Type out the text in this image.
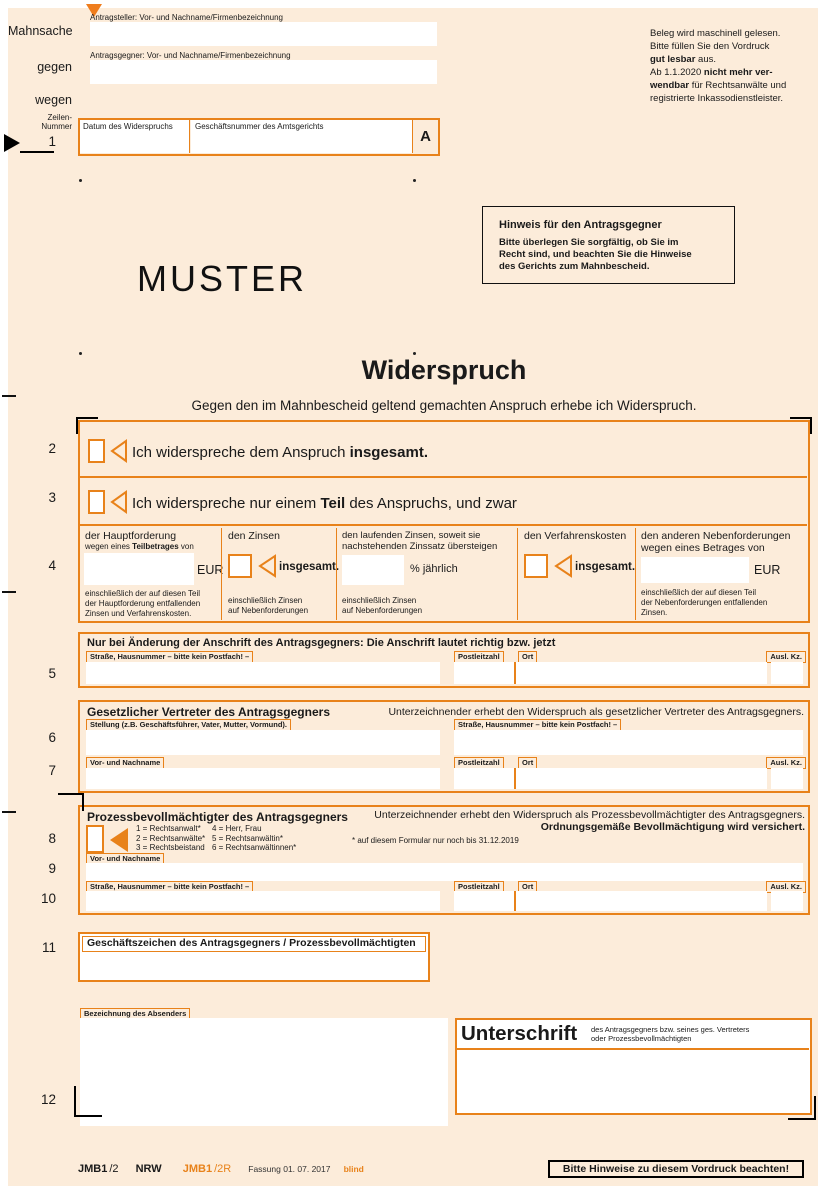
Mahnsache
gegen
wegen
Zeilen-
Nummer
1
Antragsteller: Vor- und Nachname/Firmenbezeichnung
Antragsgegner: Vor- und Nachname/Firmenbezeichnung
Beleg wird maschinell gelesen.
Bitte füllen Sie den Vordruck
gut lesbar aus.
Ab 1.1.2020 nicht mehr ver-
wendbar für Rechtsanwälte und
registrierte Inkassodienstleister.
Datum des Widerspruchs	Geschäftsnummer des Amtsgerichts
A
Hinweis für den Antragsgegner
Bitte überlegen Sie sorgfältig, ob Sie im
Recht sind, und beachten Sie die Hinweise
des Gerichts zum Mahnbescheid.
MUSTER
Widerspruch
Gegen den im Mahnbescheid geltend gemachten Anspruch erhebe ich Widerspruch.
Ich widerspreche dem Anspruch insgesamt.
Ich widerspreche nur einem Teil des Anspruchs, und zwar
der Hauptforderung
wegen eines Teilbetrages von
EUR
einschließlich der auf diesen Teil
der Hauptforderung entfallenden
Zinsen und Verfahrenskosten.
den Zinsen
insgesamt.
einschließlich Zinsen
auf Nebenforderungen
den laufenden Zinsen, soweit sie
nachstehenden Zinssatz übersteigen
% jährlich
einschließlich Zinsen
auf Nebenforderungen
den Verfahrenskosten
insgesamt.
den anderen Nebenforderungen
wegen eines Betrages von
EUR
einschließlich der auf diesen Teil
der Nebenforderungen entfallenden
Zinsen.
2
3
4
Nur bei Änderung der Anschrift des Antragsgegners: Die Anschrift lautet richtig bzw. jetzt
Straße, Hausnummer – bitte kein Postfach! –	Postleitzahl	Ort	Ausl. Kz.
5
Gesetzlicher Vertreter des Antragsgegners	Unterzeichnender erhebt den Widerspruch als gesetzlicher Vertreter des Antragsgegners.
Stellung (z.B. Geschäftsführer, Vater, Mutter, Vormund).	Straße, Hausnummer – bitte kein Postfach! –
Vor- und Nachname	Postleitzahl	Ort	Ausl. Kz.
6
7
Prozessbevollmächtigter des Antragsgegners	Unterzeichnender erhebt den Widerspruch als Prozessbevollmächtigter des Antragsgegners.
Ordnungsgemäße Bevollmächtigung wird versichert.
1 = Rechtsanwalt*
2 = Rechtsanwälte*
3 = Rechtsbeistand
4 = Herr, Frau
5 = Rechtsanwältin*
6 = Rechtsanwältinnen*
* auf diesem Formular nur noch bis 31.12.2019
Vor- und Nachname
Straße, Hausnummer – bitte kein Postfach! –	Postleitzahl	Ort	Ausl. Kz.
8
9
10
Geschäftszeichen des Antragsgegners / Prozessbevollmächtigten
11
Bezeichnung des Absenders
Unterschrift des Antragsgegners bzw. seines ges. Vertreters
oder Prozessbevollmächtigten
12
JMB1 /2 NRW JMB1 /2R Fassung 01. 07. 2017 blind	Bitte Hinweise zu diesem Vordruck beachten!
